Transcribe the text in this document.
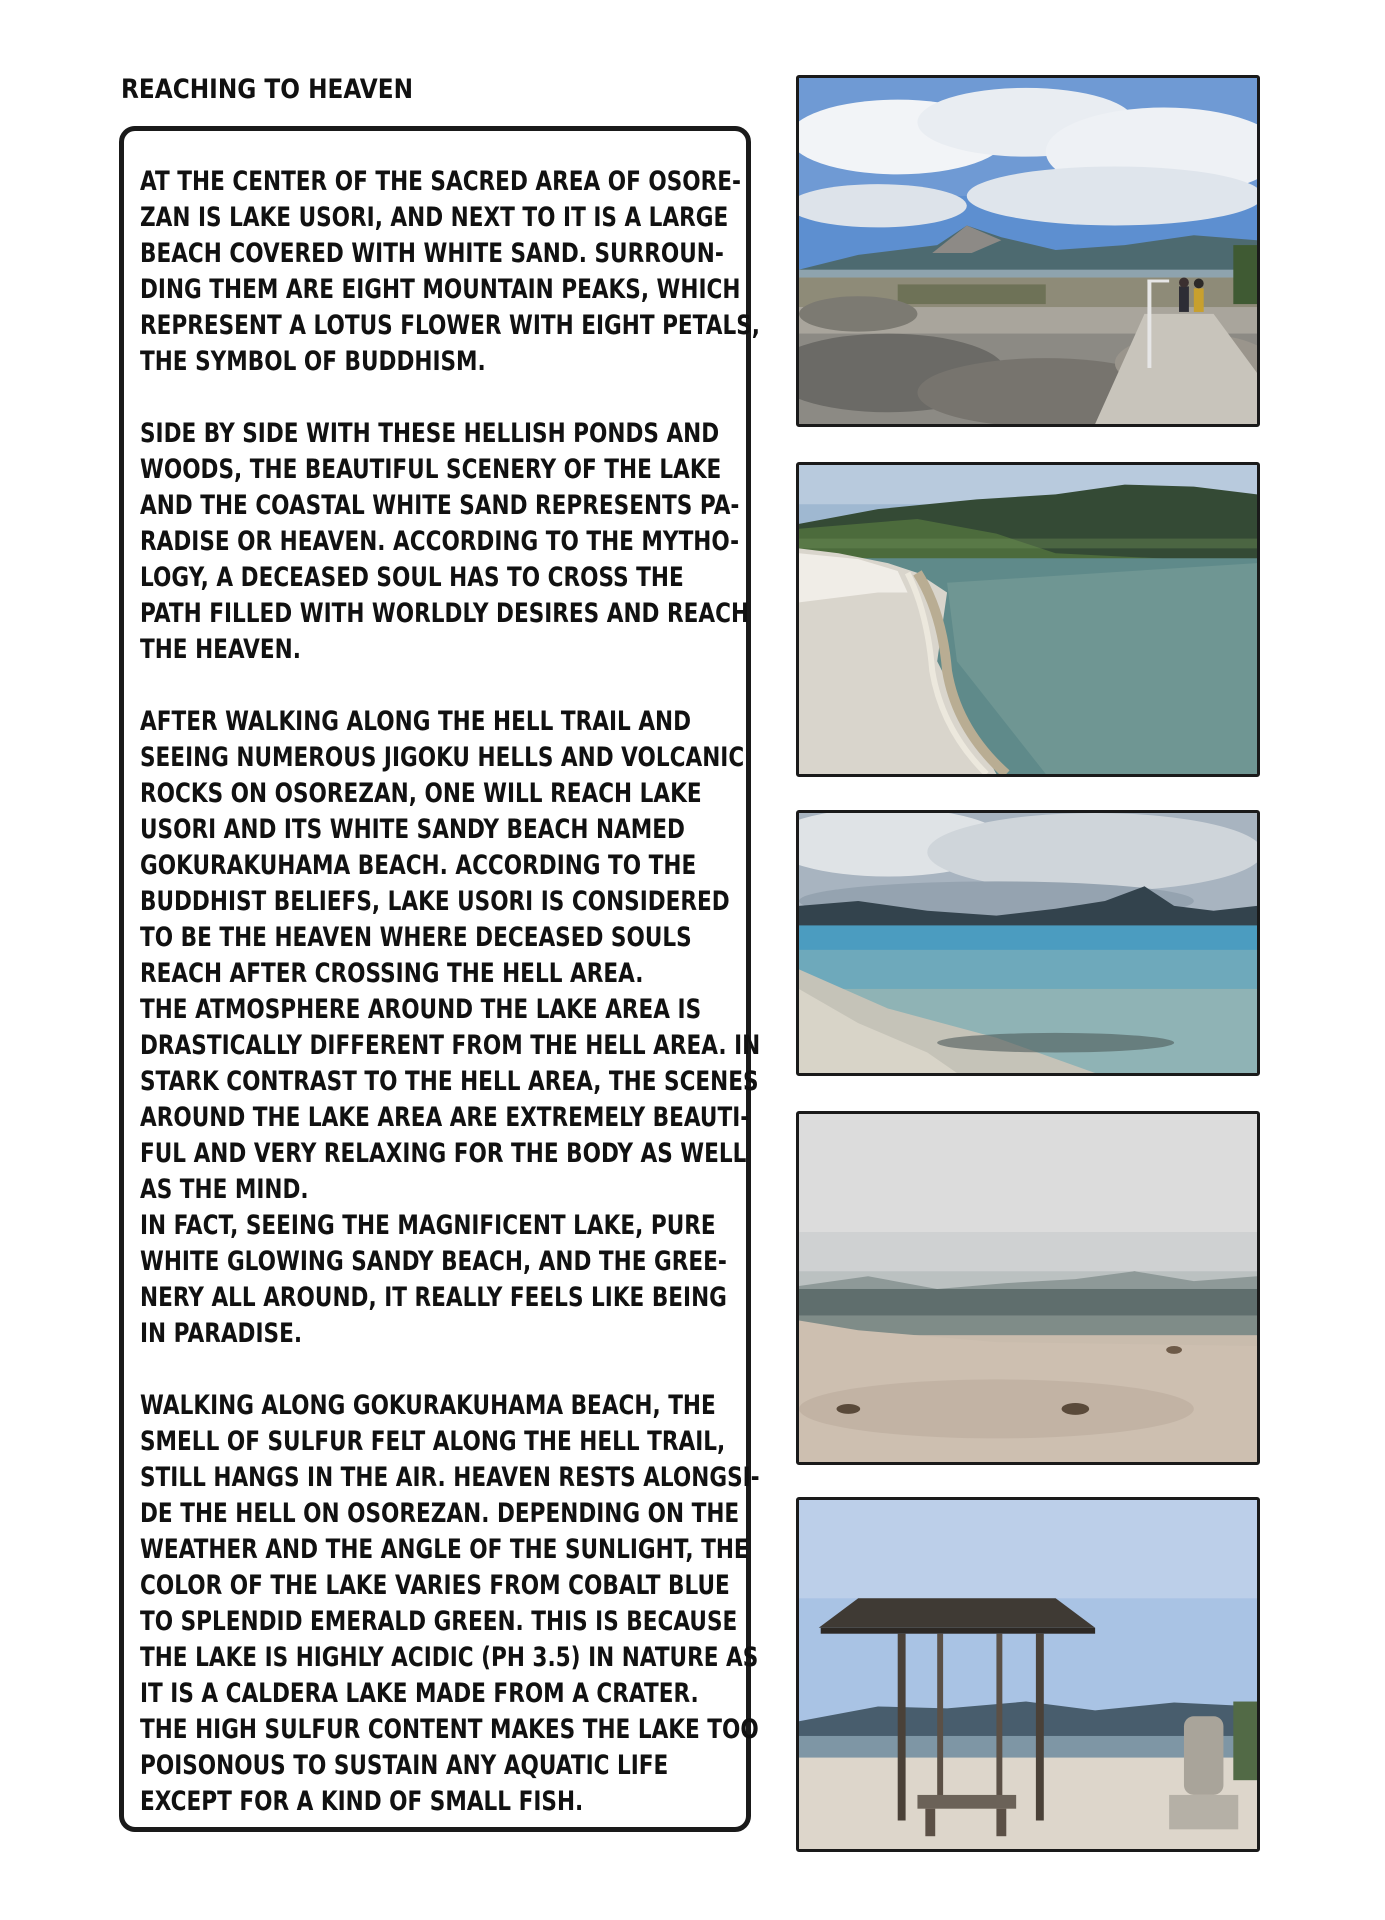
REACHING TO HEAVEN

AT THE CENTER OF THE SACRED AREA OF OSORE-
ZAN IS LAKE USORI, AND NEXT TO IT IS A LARGE
BEACH COVERED WITH WHITE SAND. SURROUN-
DING THEM ARE EIGHT MOUNTAIN PEAKS, WHICH
REPRESENT A LOTUS FLOWER WITH EIGHT PETALS,
THE SYMBOL OF BUDDHISM.

SIDE BY SIDE WITH THESE HELLISH PONDS AND
WOODS, THE BEAUTIFUL SCENERY OF THE LAKE
AND THE COASTAL WHITE SAND REPRESENTS PA-
RADISE OR HEAVEN. ACCORDING TO THE MYTHO-
LOGY, A DECEASED SOUL HAS TO CROSS THE
PATH FILLED WITH WORLDLY DESIRES AND REACH
THE HEAVEN.

AFTER WALKING ALONG THE HELL TRAIL AND
SEEING NUMEROUS JIGOKU HELLS AND VOLCANIC
ROCKS ON OSOREZAN, ONE WILL REACH LAKE
USORI AND ITS WHITE SANDY BEACH NAMED
GOKURAKUHAMA BEACH. ACCORDING TO THE
BUDDHIST BELIEFS, LAKE USORI IS CONSIDERED
TO BE THE HEAVEN WHERE DECEASED SOULS
REACH AFTER CROSSING THE HELL AREA.
THE ATMOSPHERE AROUND THE LAKE AREA IS
DRASTICALLY DIFFERENT FROM THE HELL AREA. IN
STARK CONTRAST TO THE HELL AREA, THE SCENES
AROUND THE LAKE AREA ARE EXTREMELY BEAUTI-
FUL AND VERY RELAXING FOR THE BODY AS WELL
AS THE MIND.
IN FACT, SEEING THE MAGNIFICENT LAKE, PURE
WHITE GLOWING SANDY BEACH, AND THE GREE-
NERY ALL AROUND, IT REALLY FEELS LIKE BEING
IN PARADISE.

WALKING ALONG GOKURAKUHAMA BEACH, THE
SMELL OF SULFUR FELT ALONG THE HELL TRAIL,
STILL HANGS IN THE AIR. HEAVEN RESTS ALONGSI-
DE THE HELL ON OSOREZAN. DEPENDING ON THE
WEATHER AND THE ANGLE OF THE SUNLIGHT, THE
COLOR OF THE LAKE VARIES FROM COBALT BLUE
TO SPLENDID EMERALD GREEN. THIS IS BECAUSE
THE LAKE IS HIGHLY ACIDIC (PH 3.5) IN NATURE AS
IT IS A CALDERA LAKE MADE FROM A CRATER.
THE HIGH SULFUR CONTENT MAKES THE LAKE TOO
POISONOUS TO SUSTAIN ANY AQUATIC LIFE
EXCEPT FOR A KIND OF SMALL FISH.
